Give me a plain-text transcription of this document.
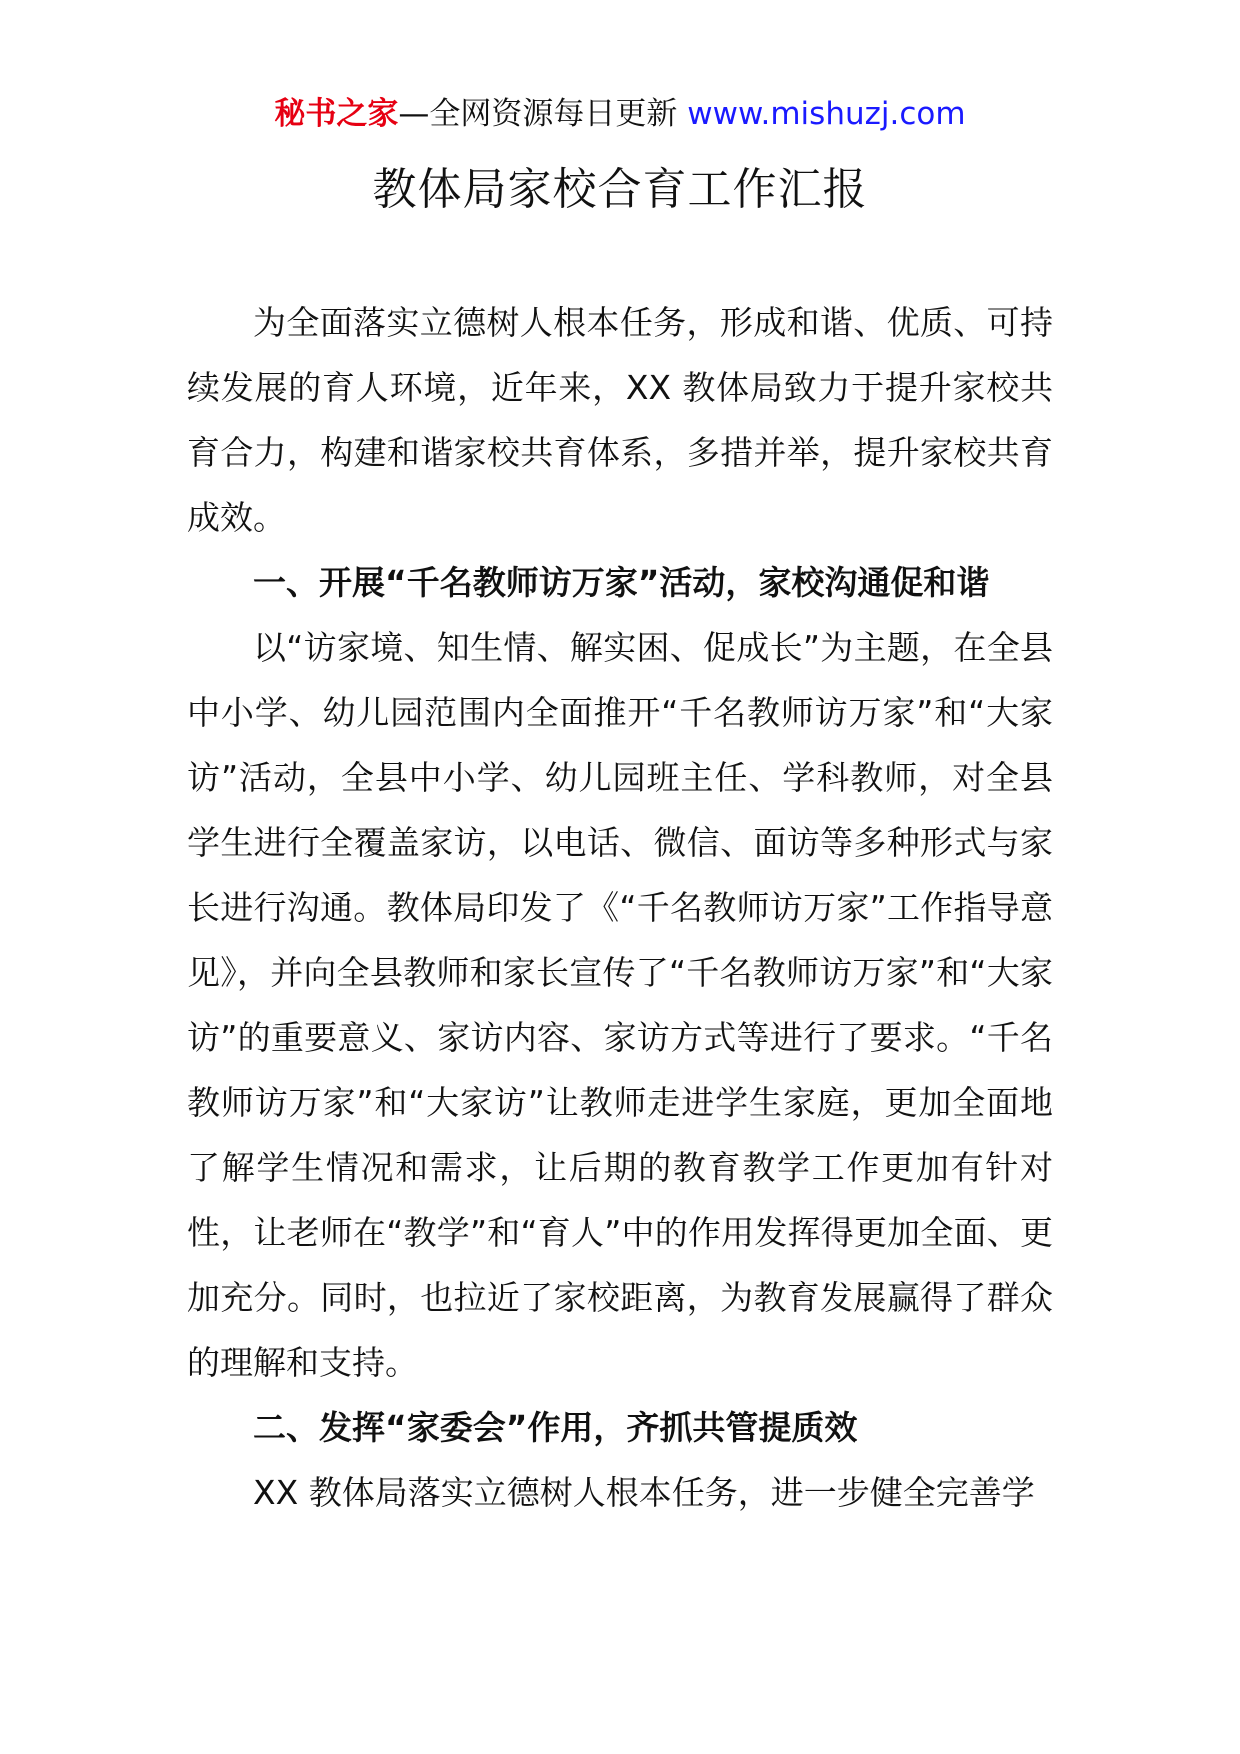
秘书之家—全网资源每日更新 www.mishuzj.com
教体局家校合育工作汇报

为全面落实立德树人根本任务，形成和谐、优质、可持续发展的育人环境，近年来，XX 教体局致力于提升家校共育合力，构建和谐家校共育体系，多措并举，提升家校共育成效。

一、开展“千名教师访万家”活动，家校沟通促和谐

以“访家境、知生情、解实困、促成长”为主题，在全县中小学、幼儿园范围内全面推开“千名教师访万家”和“大家访”活动，全县中小学、幼儿园班主任、学科教师，对全县学生进行全覆盖家访，以电话、微信、面访等多种形式与家长进行沟通。教体局印发了《“千名教师访万家”工作指导意见》，并向全县教师和家长宣传了“千名教师访万家”和“大家访”的重要意义、家访内容、家访方式等进行了要求。“千名教师访万家”和“大家访”让教师走进学生家庭，更加全面地了解学生情况和需求，让后期的教育教学工作更加有针对性，让老师在“教学”和“育人”中的作用发挥得更加全面、更加充分。同时，也拉近了家校距离，为教育发展赢得了群众的理解和支持。

二、发挥“家委会”作用，齐抓共管提质效

XX 教体局落实立德树人根本任务，进一步健全完善学
